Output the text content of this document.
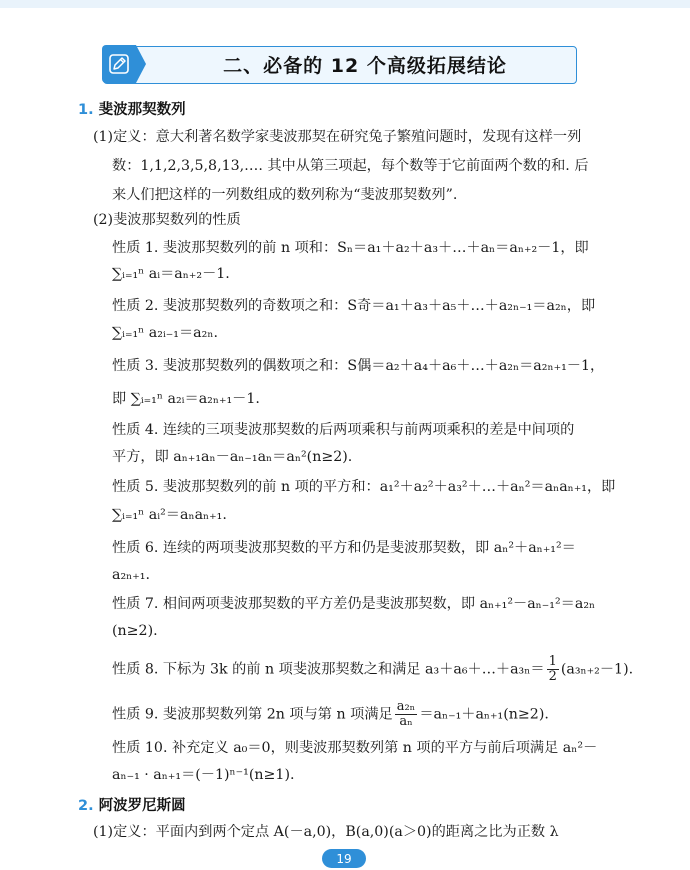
二、必备的 12 个高级拓展结论
1. 斐波那契数列
(1)定义：意大利著名数学家斐波那契在研究兔子繁殖问题时，发现有这样一列
数：1,1,2,3,5,8,13,…. 其中从第三项起，每个数等于它前面两个数的和. 后
来人们把这样的一列数组成的数列称为“斐波那契数列”.
(2)斐波那契数列的性质
性质 1. 斐波那契数列的前 n 项和：Sₙ＝a₁＋a₂＋a₃＋…＋aₙ＝aₙ₊₂－1，即
∑ᵢ₌₁ⁿ aᵢ＝aₙ₊₂－1.
性质 2. 斐波那契数列的奇数项之和：S奇＝a₁＋a₃＋a₅＋…＋a₂ₙ₋₁＝a₂ₙ，即
∑ᵢ₌₁ⁿ a₂ᵢ₋₁＝a₂ₙ.
性质 3. 斐波那契数列的偶数项之和：S偶＝a₂＋a₄＋a₆＋…＋a₂ₙ＝a₂ₙ₊₁－1，
即 ∑ᵢ₌₁ⁿ a₂ᵢ＝a₂ₙ₊₁－1.
性质 4. 连续的三项斐波那契数的后两项乘积与前两项乘积的差是中间项的
平方，即 aₙ₊₁aₙ－aₙ₋₁aₙ＝aₙ²(n≥2).
性质 5. 斐波那契数列的前 n 项的平方和：a₁²＋a₂²＋a₃²＋…＋aₙ²＝aₙaₙ₊₁，即
∑ᵢ₌₁ⁿ aᵢ²＝aₙaₙ₊₁.
性质 6. 连续的两项斐波那契数的平方和仍是斐波那契数，即 aₙ²＋aₙ₊₁²＝
a₂ₙ₊₁.
性质 7. 相间两项斐波那契数的平方差仍是斐波那契数，即 aₙ₊₁²－aₙ₋₁²＝a₂ₙ
(n≥2).
性质 8. 下标为 3k 的前 n 项斐波那契数之和满足 a₃＋a₆＋…＋a₃ₙ＝ $\frac{1}{2} (a_{3n+2}-1)$.
性质 9. 斐波那契数列第 2n 项与第 n 项满足 $\frac{\text{a₂ₙ}}{\text{aₙ}} =a_{n-1}+a_{n+1}(n\ge 2)$.
性质 10. 补充定义 a₀＝0，则斐波那契数列第 n 项的平方与前后项满足 aₙ²－
aₙ₋₁ · aₙ₊₁＝(－1)ⁿ⁻¹(n≥1).
2. 阿波罗尼斯圆
(1)定义：平面内到两个定点 A(－a,0)，B(a,0)(a＞0)的距离之比为正数 λ
19
